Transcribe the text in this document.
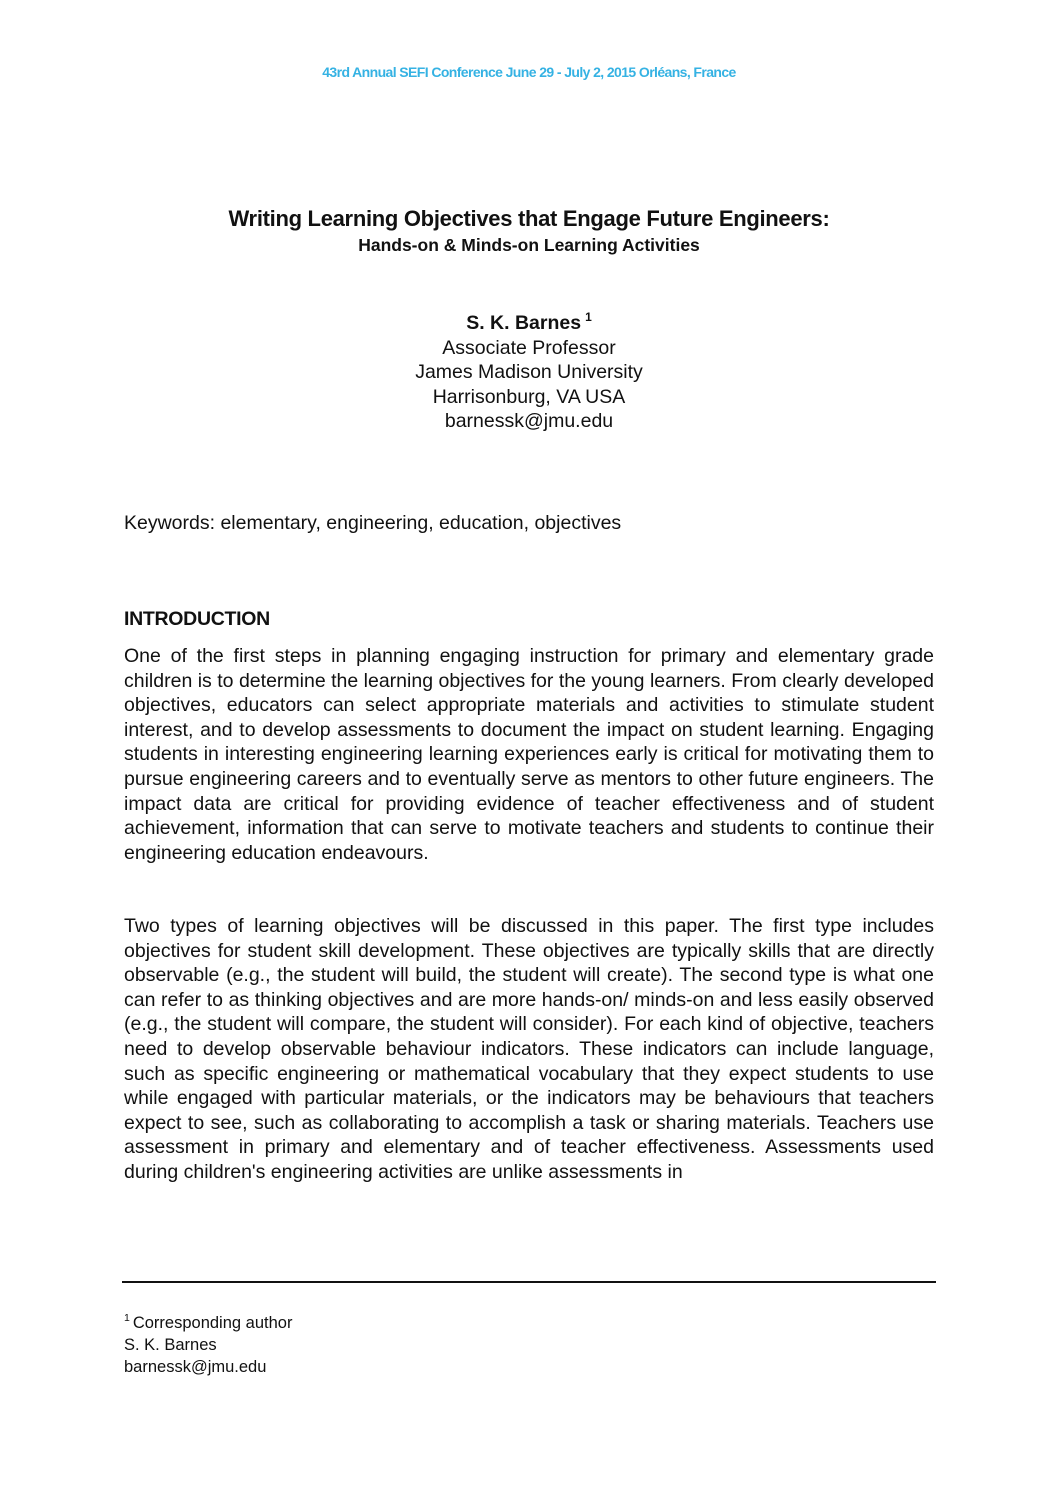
43rd Annual SEFI Conference June 29 - July 2, 2015 Orléans, France
Writing Learning Objectives that Engage Future Engineers:
Hands-on & Minds-on Learning Activities
S. K. Barnes $^1$
Associate Professor
James Madison University
Harrisonburg, VA USA
barnessk@jmu.edu
Keywords: elementary, engineering, education, objectives
INTRODUCTION

One of the first steps in planning engaging instruction for primary and elementary grade children is to determine the learning objectives for the young learners. From clearly developed objectives, educators can select appropriate materials and activities to stimulate student interest, and to develop assessments to document the impact on student learning. Engaging students in interesting engineering learning experiences early is critical for motivating them to pursue engineering careers and to eventually serve as mentors to other future engineers. The impact data are critical for providing evidence of teacher effectiveness and of student achievement, information that can serve to motivate teachers and students to continue their engineering education endeavours.

Two types of learning objectives will be discussed in this paper. The first type includes objectives for student skill development. These objectives are typically skills that are directly observable (e.g., the student will build, the student will create). The second type is what one can refer to as thinking objectives and are more hands-on/ minds-on and less easily observed (e.g., the student will compare, the student will consider). For each kind of objective, teachers need to develop observable behaviour indicators. These indicators can include language, such as specific engineering or mathematical vocabulary that they expect students to use while engaged with particular materials, or the indicators may be behaviours that teachers expect to see, such as collaborating to accomplish a task or sharing materials. Teachers use assessment in primary and elementary and of teacher effectiveness. Assessments used during children's engineering activities are unlike assessments in

$^1$ Corresponding author
S. K. Barnes
barnessk@jmu.edu
